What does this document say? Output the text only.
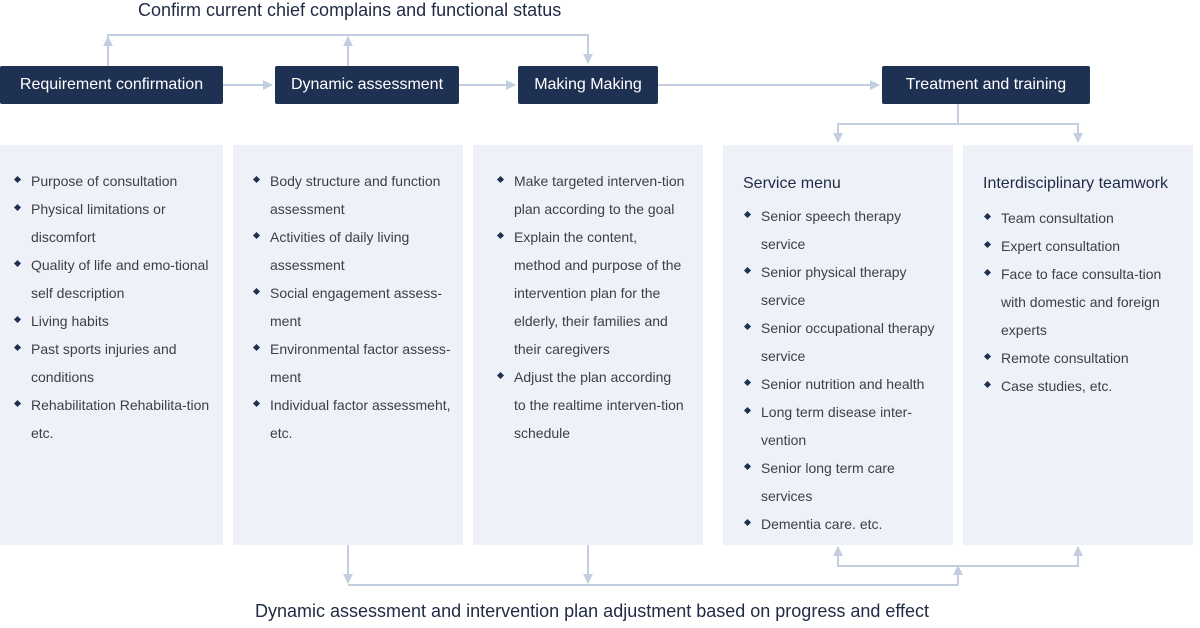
Confirm current chief complains and functional status
Requirement confirmation	Dynamic assessment	Making Making	Treatment and training
Purpose of consultation
Physical limitations or discomfort
Quality of life and emo-tional self description
Living habits
Past sports injuries and conditions
Rehabilitation Rehabilita-tion etc.
Body structure and function assessment
Activities of daily living assessment
Social engagement assess-ment
Environmental factor assess-ment
Individual factor assessmeht, etc.
Make targeted interven-tion plan according to the goal
Explain the content, method and purpose of the intervention plan for the elderly, their families and their caregivers
Adjust the plan according to the realtime interven-tion schedule
Service menu
Senior speech therapy service
Senior physical therapy service
Senior occupational therapy service
Senior nutrition and health
Long term disease inter-vention
Senior long term care services
Dementia care. etc.
Interdisciplinary teamwork
Team consultation
Expert consultation
Face to face consulta-tion with domestic and foreign experts
Remote consultation
Case studies, etc.
Dynamic assessment and intervention plan adjustment based on progress and effect
